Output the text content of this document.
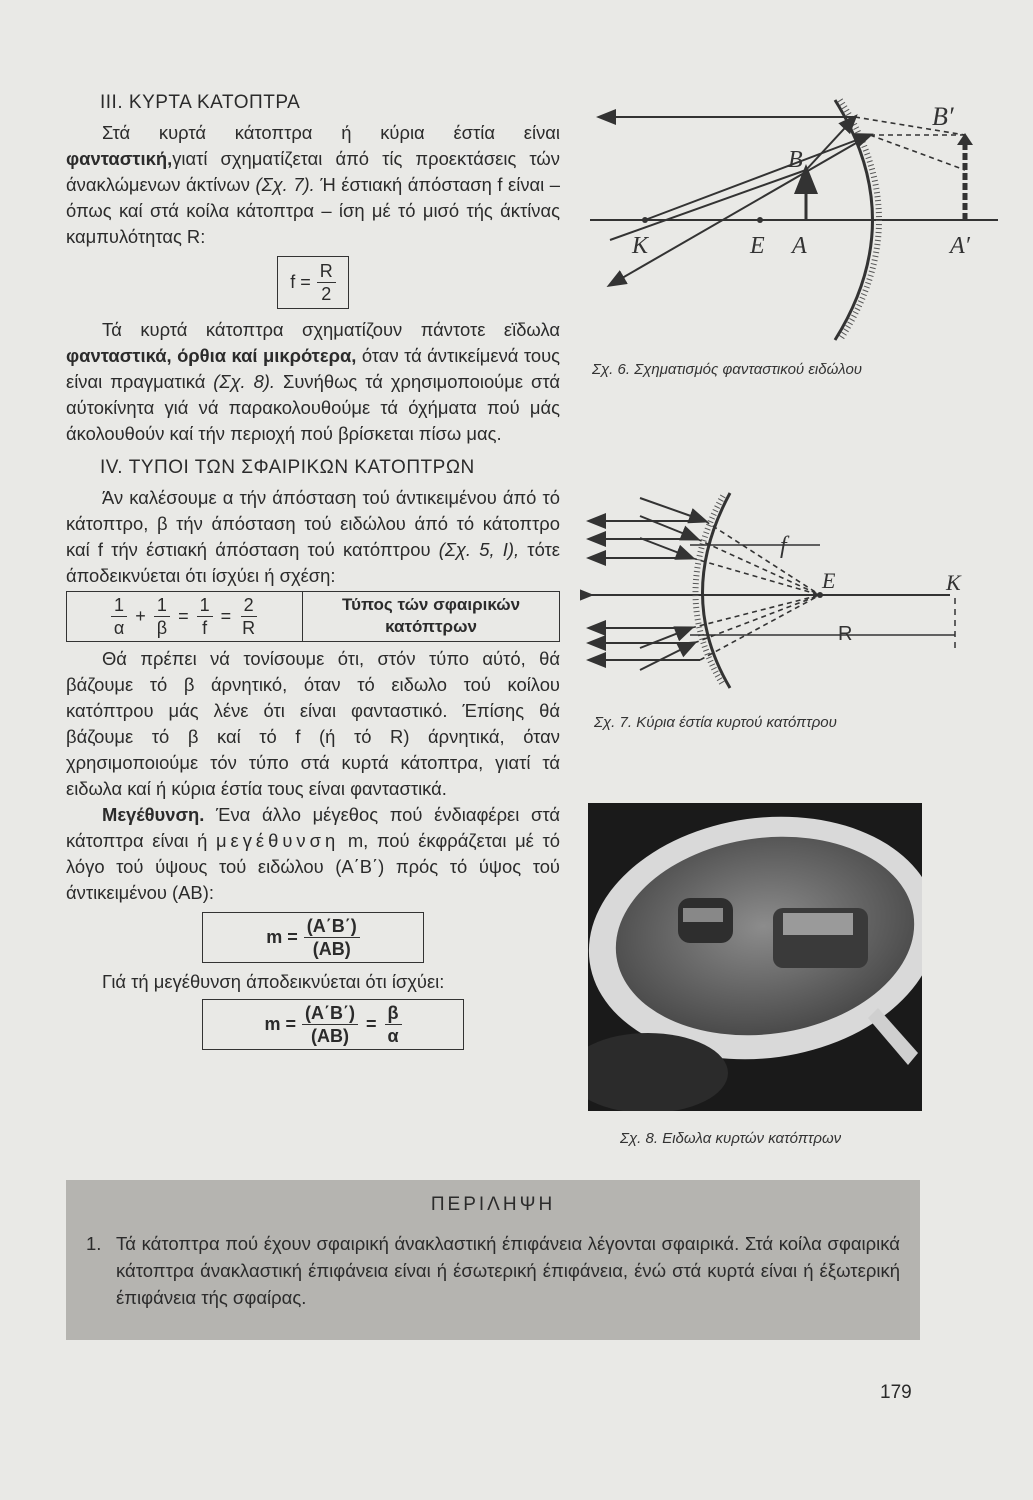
III. ΚΥΡΤΑ ΚΑΤΟΠΤΡΑ

Στά κυρτά κάτοπτρα ή κύρια έστία είναι φανταστική,γιατί σχηματίζεται άπό τίς προεκτάσεις τών άνακλώμενων άκτίνων (Σχ. 7). Ή έστιακή άπόσταση f είναι – όπως καί στά κοίλα κάτοπτρα – ίση μέ τό μισό τής άκτίνας καμπυλότητας R:

$f = \frac{R}{2}$

Τά κυρτά κάτοπτρα σχηματίζουν πάντοτε εϊδωλα φανταστικά, όρθια καί μικρότερα, όταν τά άντικείμενά τους είναι πραγματικά (Σχ. 8). Συνήθως τά χρησιμοποιούμε στά αύτοκίνητα γιά νά παρακολουθούμε τά όχήματα πού μάς άκολουθούν καί τήν περιοχή πού βρίσκεται πίσω μας.

IV. ΤΥΠΟΙ ΤΩΝ ΣΦΑΙΡΙΚΩΝ ΚΑΤΟΠΤΡΩΝ

Άν καλέσουμε α τήν άπόσταση τού άντικειμένου άπό τό κάτοπτρο, β τήν άπόσταση τού ειδώλου άπό τό κάτοπτρο καί f τήν έστιακή άπόσταση τού κατόπτρου (Σχ. 5, I), τότε άποδεικνύεται ότι ίσχύει ή σχέση:

$\frac{1}{\alpha} + \frac{1}{\beta} = \frac{1}{f} = \frac{2}{R}$	Τύπος τών σφαιρικών
κατόπτρων

Θά πρέπει νά τονίσουμε ότι, στόν τύπο αύτό, θά βάζουμε τό β άρνητικό, όταν τό ειδωλο τού κοίλου κατόπτρου μάς λένε ότι είναι φανταστικό. Έπίσης θά βάζουμε τό β καί τό f (ή τό R) άρνητικά, όταν χρησιμοποιούμε τόν τύπο στά κυρτά κάτοπτρα, γιατί τά ειδωλα καί ή κύρια έστία τους είναι φανταστικά.

Μεγέθυνση. Ένα άλλο μέγεθος πού ένδιαφέρει στά κάτοπτρα είναι ή μεγέθυνση m, πού έκφράζεται μέ τό λόγο τού ύψους τού ειδώλου (Α΄Β΄) πρός τό ύψος τού άντικειμένου (ΑΒ):

$m = \frac{(A΄B΄)}{(AB)}$

Γιά τή μεγέθυνση άποδεικνύεται ότι ίσχύει:

$m = \frac{(A΄B΄)}{(AB)} = \frac{\beta}{\alpha}$
B′
B
K	E A	A′
Σχ. 6. Σχηματισμός φανταστικού ειδώλου
f
E	K
R
Σχ. 7. Κύρια έστία κυρτού κατόπτρου
Σχ. 8. Ειδωλα κυρτών κατόπτρων
ΠΕΡΙΛΗΨΗ
1. Τά κάτοπτρα πού έχουν σφαιρική άνακλαστική έπιφάνεια λέγονται σφαιρικά. Στά κοίλα σφαιρικά κάτοπτρα άνακλαστική έπιφάνεια είναι ή έσωτερική έπιφάνεια, ένώ στά κυρτά είναι ή έξωτερική έπιφάνεια τής σφαίρας.
179
